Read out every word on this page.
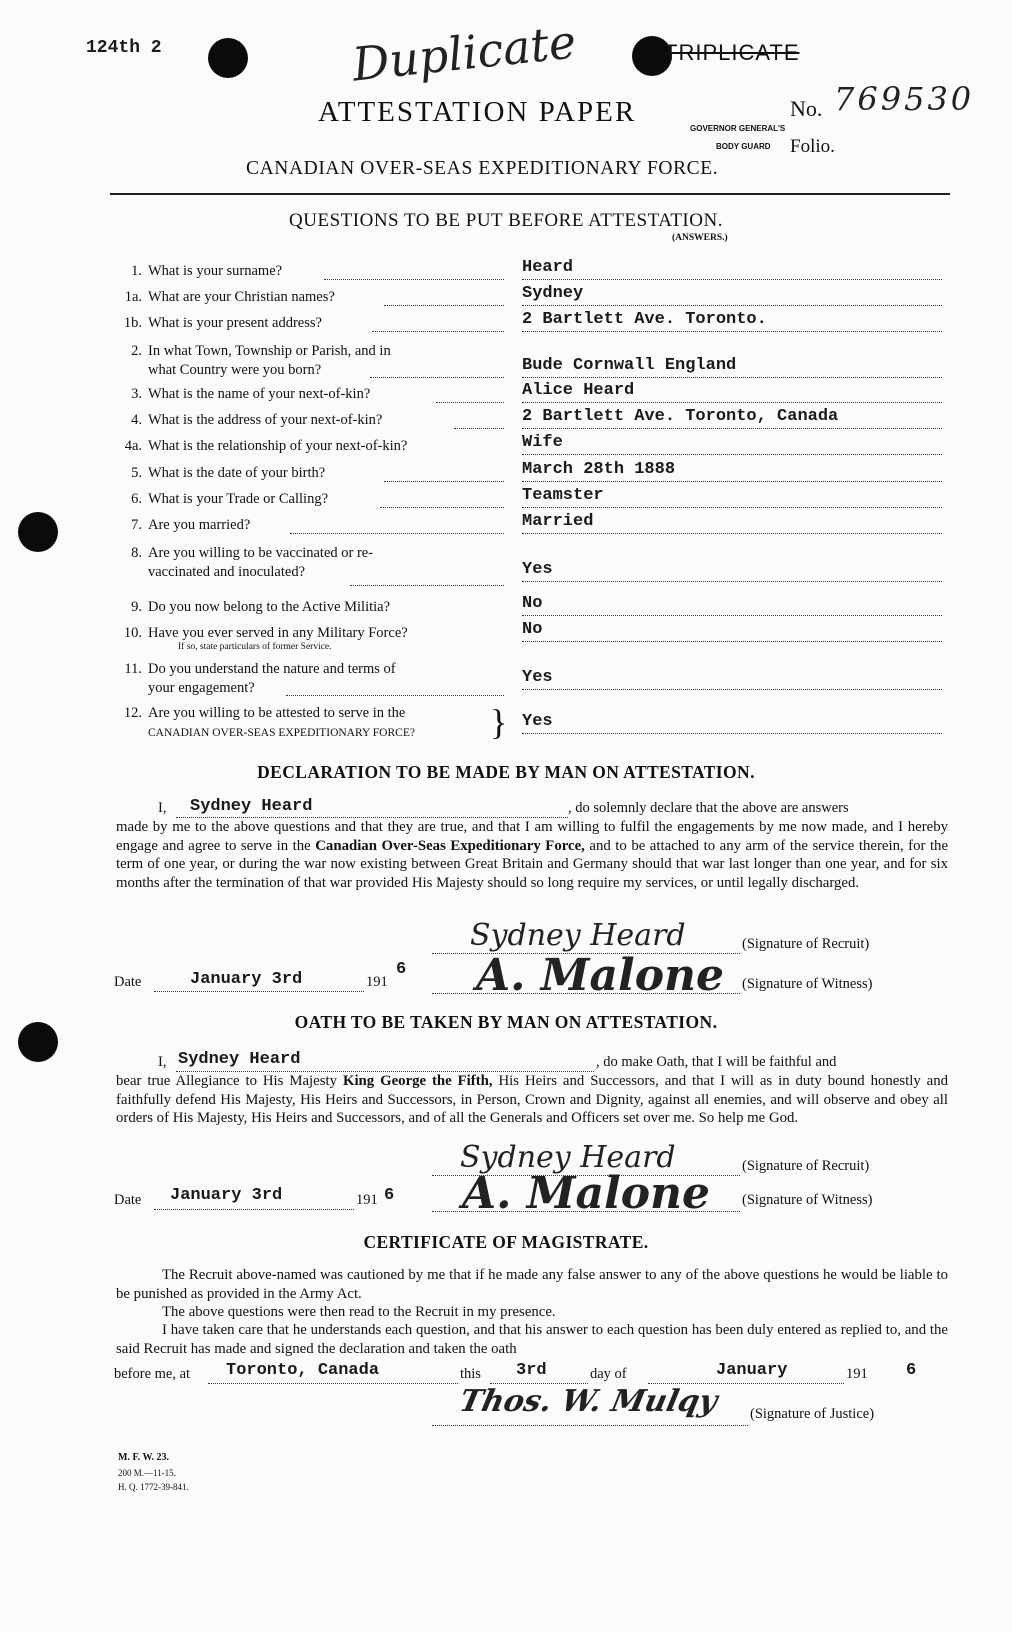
124th 2	Duplicate	TRIPLICATE
ATTESTATION PAPER	No. 769530
GOVERNOR GENERAL'S
BODY GUARD Folio.
CANADIAN OVER-SEAS EXPEDITIONARY FORCE.
QUESTIONS TO BE PUT BEFORE ATTESTATION.
(ANSWERS.)
1. What is your surname?	Heard
1a. What are your Christian names?	Sydney
1b. What is your present address?	2 Bartlett Ave. Toronto.
2. In what Town, Township or Parish, and in
what Country were you born?	Bude Cornwall England
3. What is the name of your next-of-kin?	Alice Heard
4. What is the address of your next-of-kin?	2 Bartlett Ave. Toronto, Canada
4a. What is the relationship of your next-of-kin?	Wife
5. What is the date of your birth?	March 28th 1888
6. What is your Trade or Calling?	Teamster
7. Are you married?	Married
8. Are you willing to be vaccinated or re-
vaccinated and inoculated?	Yes
9. Do you now belong to the Active Militia?	No
10. Have you ever served in any Military Force?
If so, state particulars of former Service.
No
11. Do you understand the nature and terms of
your engagement?
Yes
12. Are you willing to be attested to serve in the
CANADIAN OVER-SEAS EXPEDITIONARY FORCE? } Yes
DECLARATION TO BE MADE BY MAN ON ATTESTATION.
I, Sydney Heard	, do solemnly declare that the above are answers
made by me to the above questions and that they are true, and that I am willing to fulfil the engagements by me now made, and I hereby engage and agree to serve in the Canadian Over-Seas Expeditionary Force, and to be attached to any arm of the service therein, for the term of one year, or during the war now existing between Great Britain and Germany should that war last longer than one year, and for six months after the termination of that war provided His Majesty should so long require my services, or until legally discharged.
Sydney Heard	(Signature of Recruit)
Date	January 3rd	191
6 A. Malone (Signature of Witness)
OATH TO BE TAKEN BY MAN ON ATTESTATION.
I, Sydney Heard	, do make Oath, that I will be faithful and
bear true Allegiance to His Majesty King George the Fifth, His Heirs and Successors, and that I will as in duty bound honestly and faithfully defend His Majesty, His Heirs and Successors, in Person, Crown and Dignity, against all enemies, and will observe and obey all orders of His Majesty, His Heirs and Successors, and of all the Generals and Officers set over me. So help me God.
Sydney Heard	(Signature of Recruit)
Date January 3rd	191 6 A. Malone (Signature of Witness)
CERTIFICATE OF MAGISTRATE.
The Recruit above-named was cautioned by me that if he made any false answer to any of the above questions he would be liable to be punished as provided in the Army Act.
The above questions were then read to the Recruit in my presence.
I have taken care that he understands each question, and that his answer to each question has been duly entered as replied to, and the said Recruit has made and signed the declaration and taken the oath
before me, at Toronto, Canada	this 3rd	day of	January	191 6
Thos. W. Mulqy (Signature of Justice)
M. F. W. 23.
200 M.—11-15.
H. Q. 1772-39-841.
